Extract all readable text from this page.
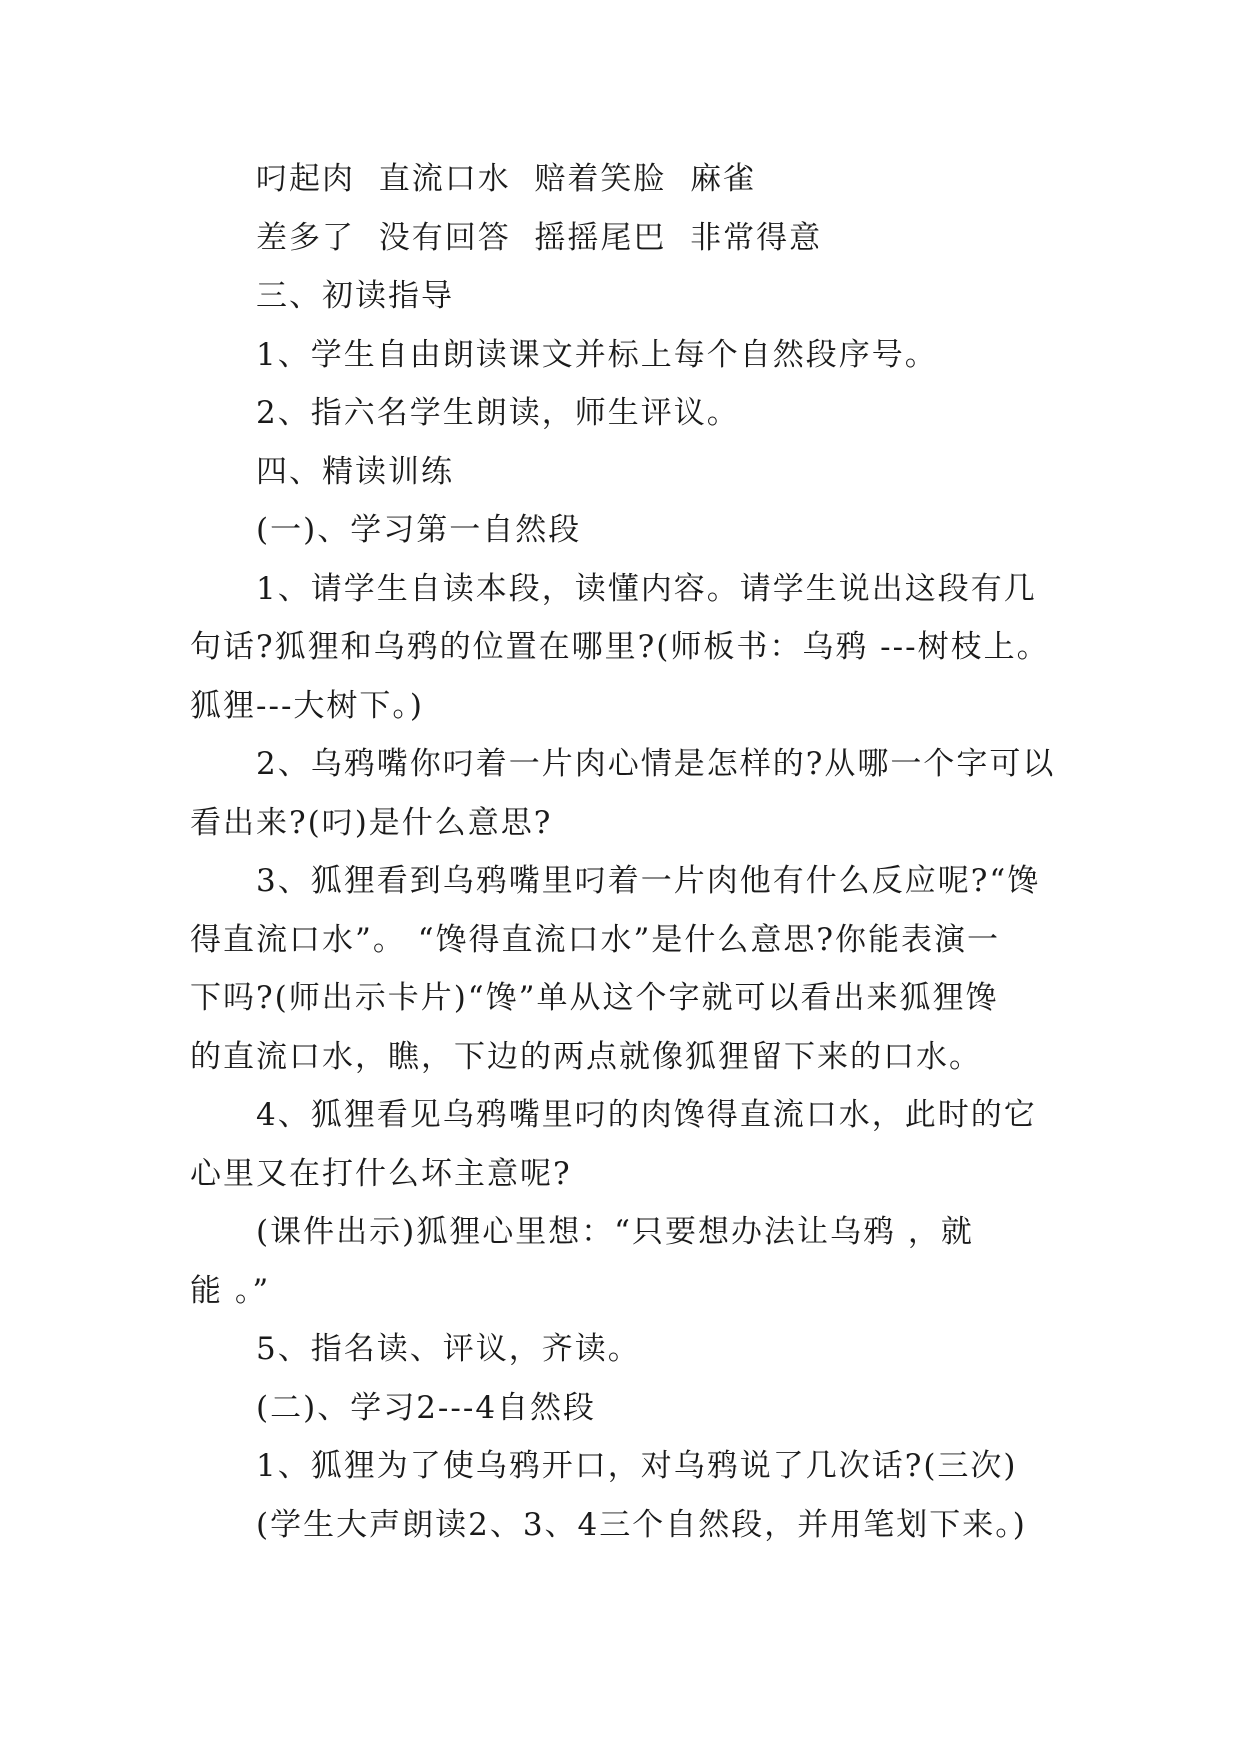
叼起肉  直流口水  赔着笑脸  麻雀

差多了  没有回答  摇摇尾巴  非常得意

三、初读指导

1、学生自由朗读课文并标上每个自然段序号。

2、指六名学生朗读，师生评议。

四、精读训练

(一)、学习第一自然段

1、请学生自读本段，读懂内容。请学生说出这段有几

句话?狐狸和乌鸦的位置在哪里?(师板书：乌鸦 ---树枝上。

狐狸---大树下。)

2、乌鸦嘴你叼着一片肉心情是怎样的?从哪一个字可以

看出来?(叼)是什么意思?

3、狐狸看到乌鸦嘴里叼着一片肉他有什么反应呢?“馋

得直流口水”。 “馋得直流口水”是什么意思?你能表演一

下吗?(师出示卡片)“馋”单从这个字就可以看出来狐狸馋

的直流口水，瞧，下边的两点就像狐狸留下来的口水。

4、狐狸看见乌鸦嘴里叼的肉馋得直流口水，此时的它

心里又在打什么坏主意呢?

(课件出示)狐狸心里想：“只要想办法让乌鸦 ，就

能 。”

5、指名读、评议，齐读。

(二)、学习2---4自然段

1、狐狸为了使乌鸦开口，对乌鸦说了几次话?(三次)

(学生大声朗读2、3、4三个自然段，并用笔划下来。)
